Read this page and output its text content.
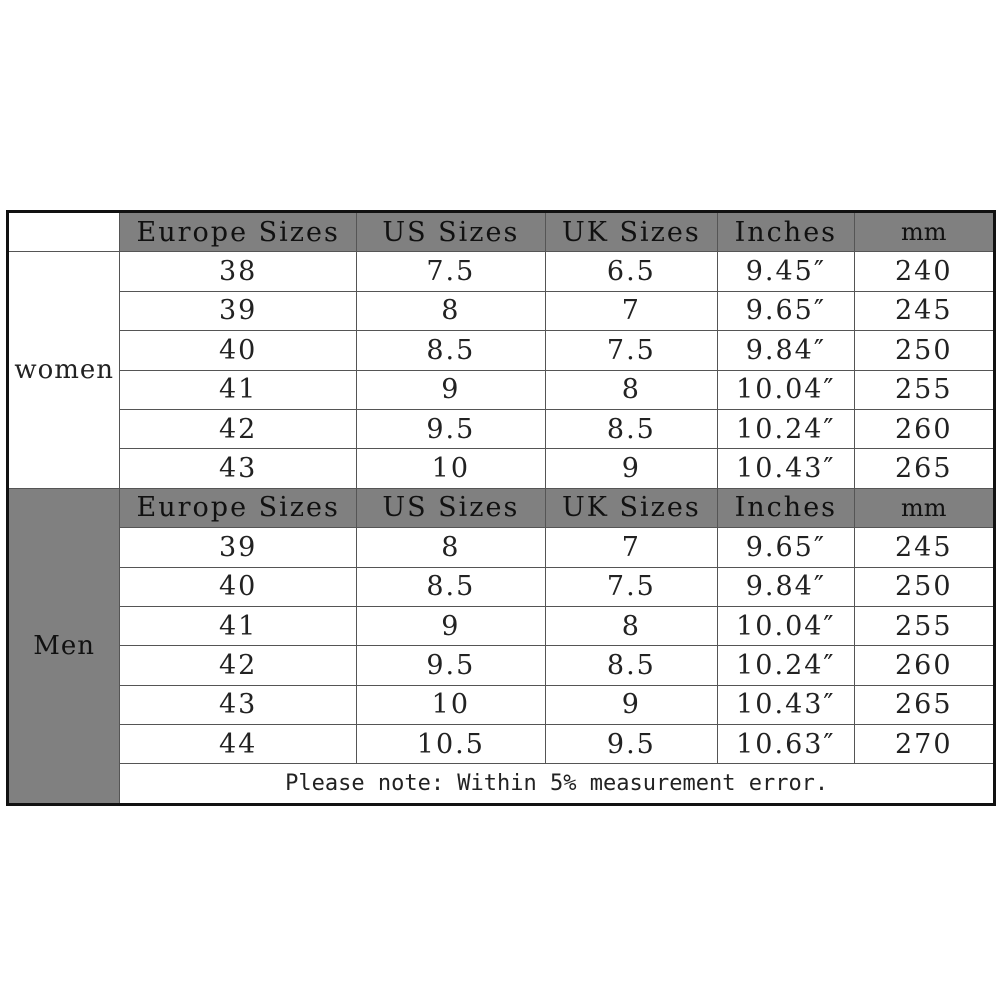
	Europe Sizes	US Sizes	UK Sizes	Inches	mm
women	38	7.5	6.5	9.45″	240
	39	8	7	9.65″	245
	40	8.5	7.5	9.84″	250
	41	9	8	10.04″	255
	42	9.5	8.5	10.24″	260
	43	10	9	10.43″	265
Men	Europe Sizes	US Sizes	UK Sizes	Inches	mm
	39	8	7	9.65″	245
	40	8.5	7.5	9.84″	250
	41	9	8	10.04″	255
	42	9.5	8.5	10.24″	260
	43	10	9	10.43″	265
	44	10.5	9.5	10.63″	270
	Please note: Within 5% measurement error.				
